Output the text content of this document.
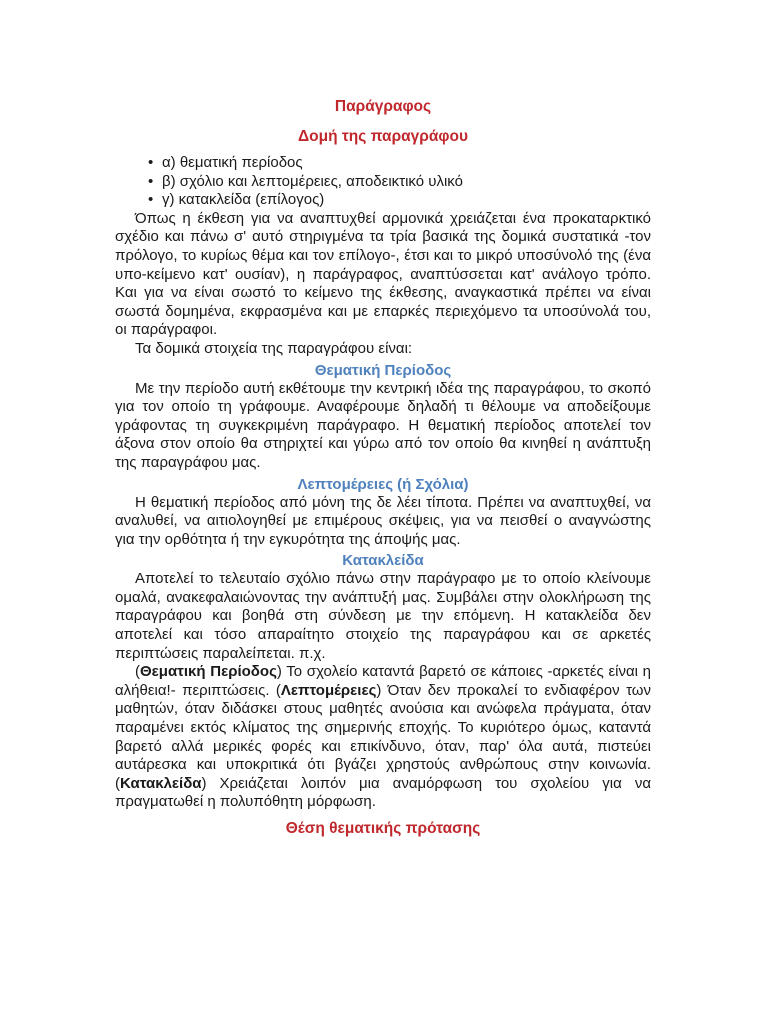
Παράγραφος
Δομή της παραγράφου
• α) θεματική περίοδος
• β) σχόλιο και λεπτομέρειες, αποδεικτικό υλικό
• γ) κατακλείδα (επίλογος)

Όπως η έκθεση για να αναπτυχθεί αρμονικά χρειάζεται ένα προκαταρκτικό σχέδιο και πάνω σ' αυτό στηριγμένα τα τρία βασικά της δομικά συστατικά -τον πρόλογο, το κυρίως θέμα και τον επίλογο-, έτσι και το μικρό υποσύνολό της (ένα υπο-κείμενο κατ' ουσίαν), η παράγραφος, αναπτύσσεται κατ' ανάλογο τρόπο. Και για να είναι σωστό το κείμενο της έκθεσης, αναγκαστικά πρέπει να είναι σωστά δομημένα, εκφρασμένα και με επαρκές περιεχόμενο τα υποσύνολά του, οι παράγραφοι.

Τα δομικά στοιχεία της παραγράφου είναι:

Θεματική Περίοδος

Με την περίοδο αυτή εκθέτουμε την κεντρική ιδέα της παραγράφου, το σκοπό για τον οποίο τη γράφουμε. Αναφέρουμε δηλαδή τι θέλουμε να αποδείξουμε γράφοντας τη συγκεκριμένη παράγραφο. Η θεματική περίοδος αποτελεί τον άξονα στον οποίο θα στηριχτεί και γύρω από τον οποίο θα κινηθεί η ανάπτυξη της παραγράφου μας.

Λεπτομέρειες (ή Σχόλια)

Η θεματική περίοδος από μόνη της δε λέει τίποτα. Πρέπει να αναπτυχθεί, να αναλυθεί, να αιτιολογηθεί με επιμέρους σκέψεις, για να πεισθεί ο αναγνώστης για την ορθότητα ή την εγκυρότητα της άποψής μας.

Κατακλείδα

Αποτελεί το τελευταίο σχόλιο πάνω στην παράγραφο με το οποίο κλείνουμε ομαλά, ανακεφαλαιώνοντας την ανάπτυξή μας. Συμβάλει στην ολοκλήρωση της παραγράφου και βοηθά στη σύνδεση με την επόμενη. Η κατακλείδα δεν αποτελεί και τόσο απαραίτητο στοιχείο της παραγράφου και σε αρκετές περιπτώσεις παραλείπεται. π.χ.

(Θεματική Περίοδος) Το σχολείο καταντά βαρετό σε κάποιες -αρκετές είναι η αλήθεια!- περιπτώσεις. (Λεπτομέρειες) Όταν δεν προκαλεί το ενδιαφέρον των μαθητών, όταν διδάσκει στους μαθητές ανούσια και ανώφελα πράγματα, όταν παραμένει εκτός κλίματος της σημερινής εποχής. Το κυριότερο όμως, καταντά βαρετό αλλά μερικές φορές και επικίνδυνο, όταν, παρ' όλα αυτά, πιστεύει αυτάρεσκα και υποκριτικά ότι βγάζει χρηστούς ανθρώπους στην κοινωνία. (Κατακλείδα) Χρειάζεται λοιπόν μια αναμόρφωση του σχολείου για να πραγματωθεί η πολυπόθητη μόρφωση.

Θέση θεματικής πρότασης
